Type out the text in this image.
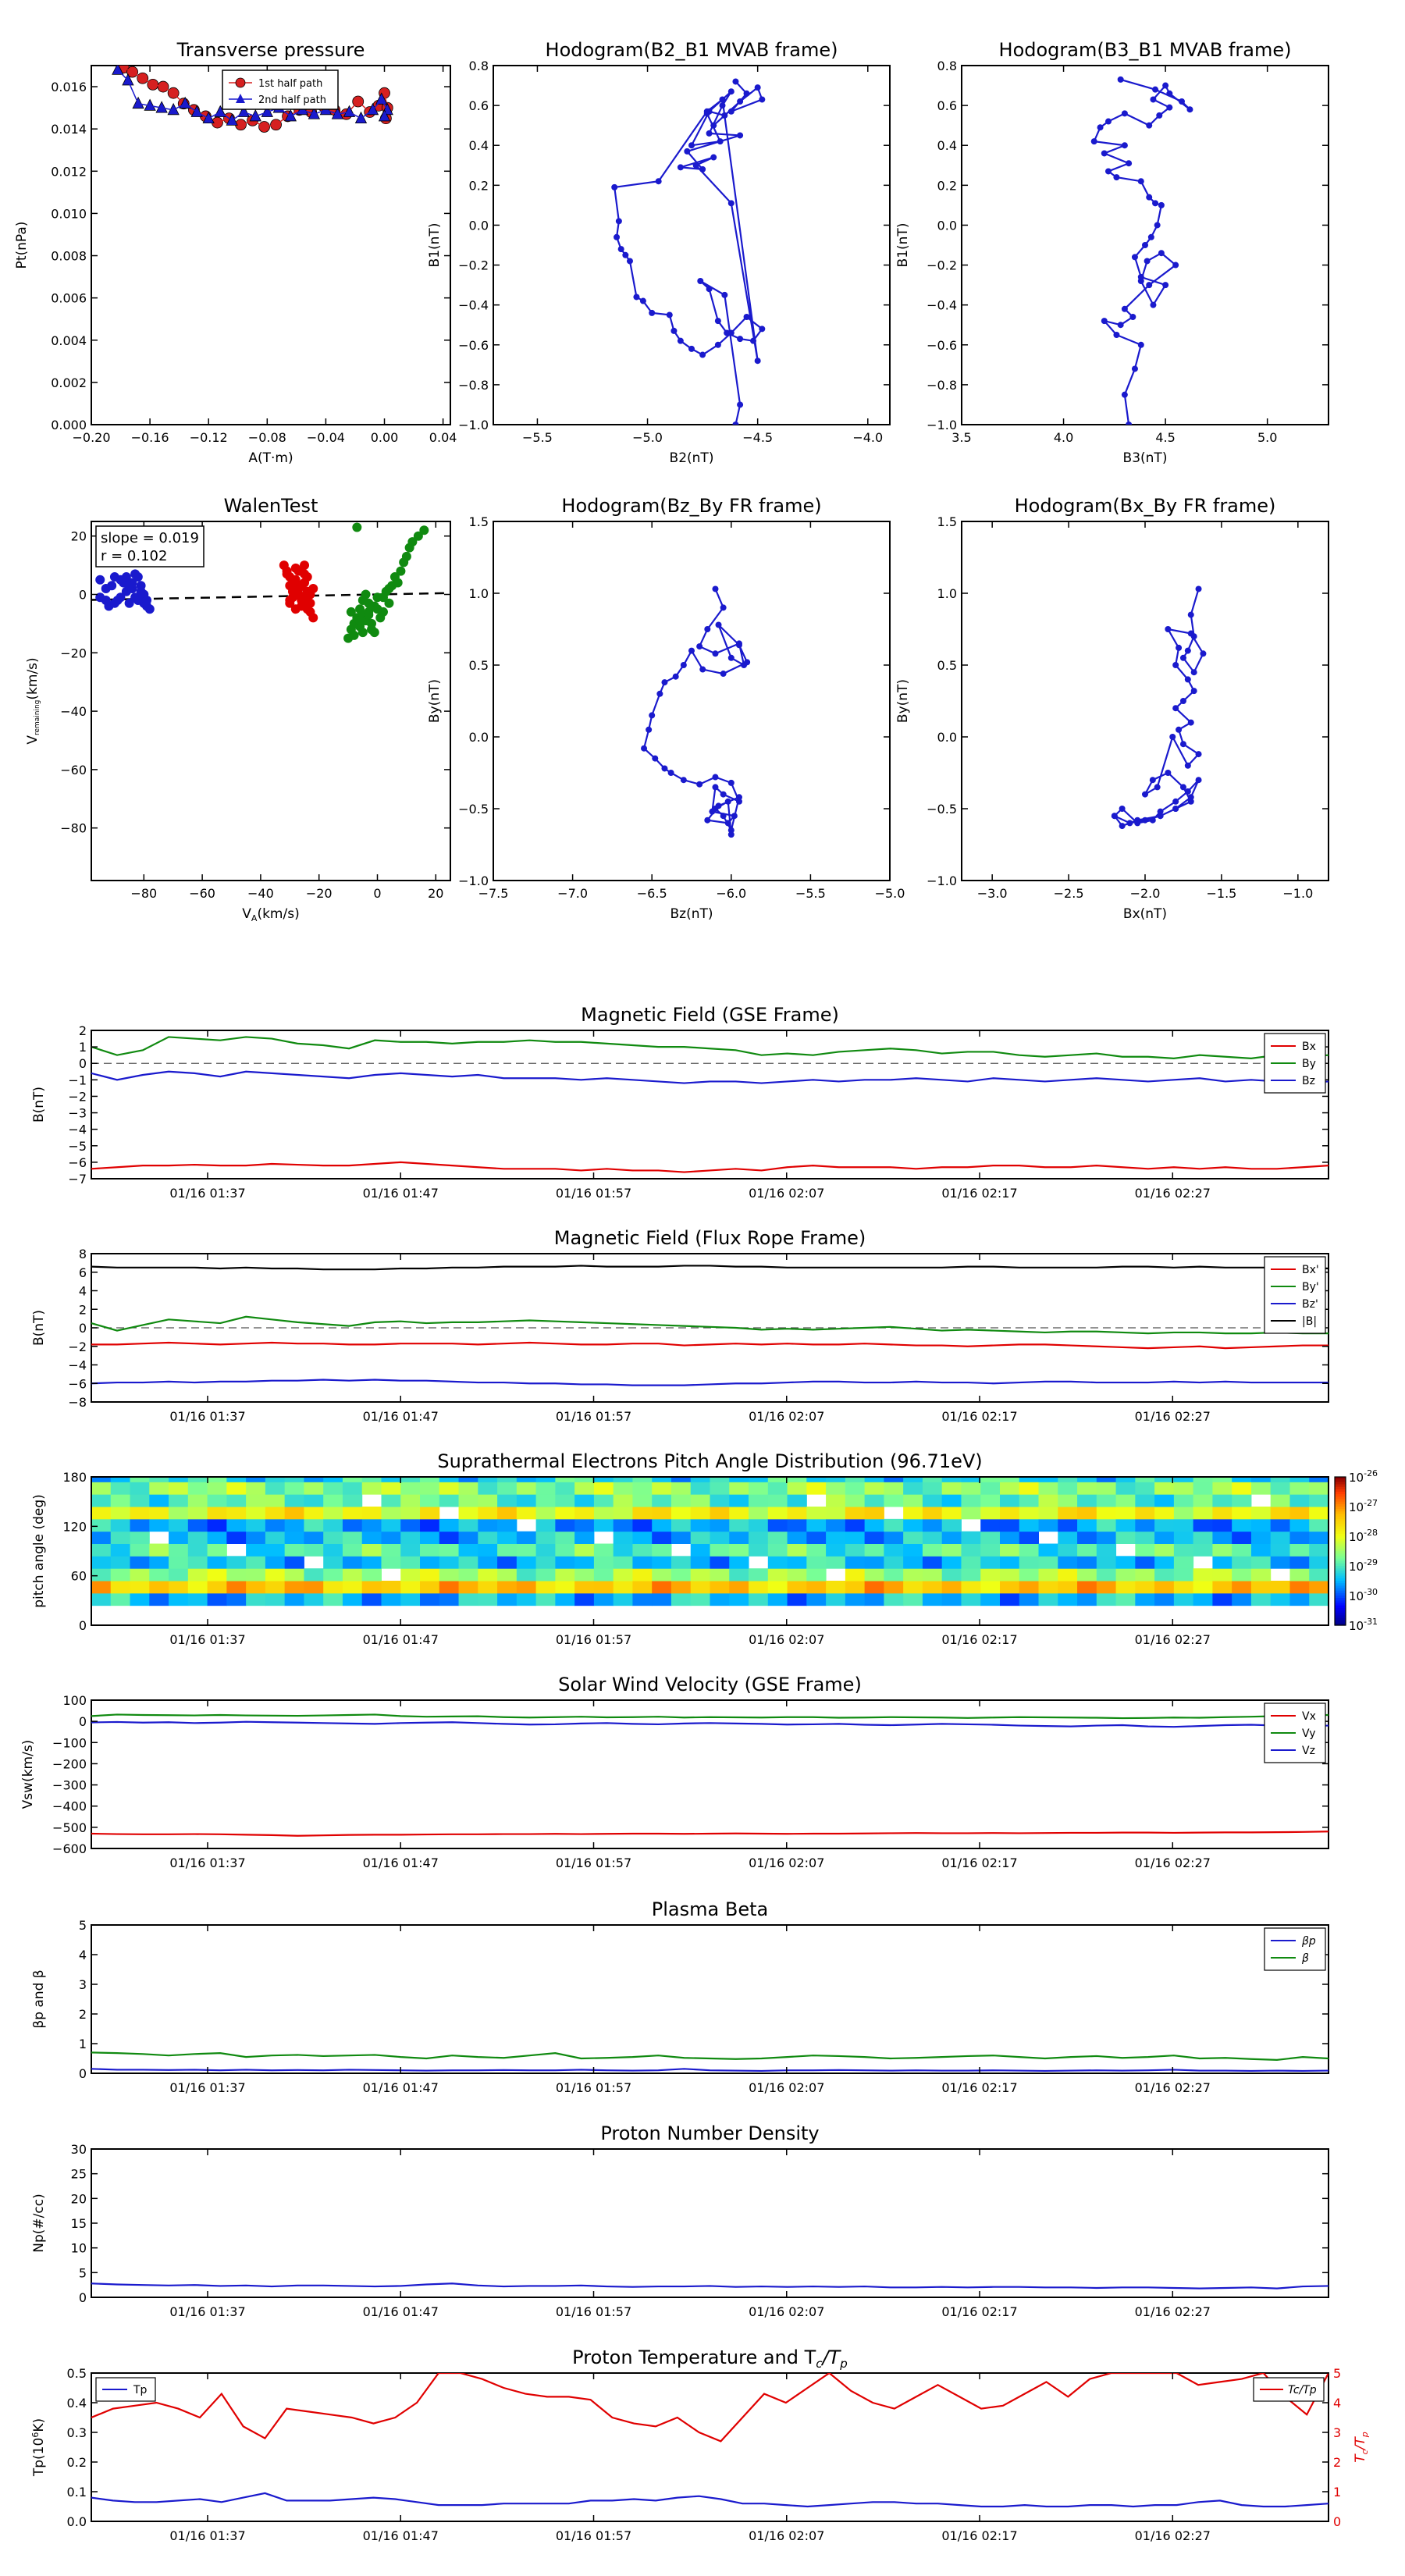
Transverse pressure
0.000
0.002
0.004
0.006
0.008
0.010
0.012
0.014
0.016
−0.20 −0.16 −0.12 −0.08 −0.04 0.00 0.04
A(T·m)
Pt(nPa)
1st half path
2nd half path
Hodogram(B2_B1 MVAB frame)
−1.0
−0.8
−0.6
−0.4
−0.2
0.0
0.2
0.4
0.6
0.8
−5.5	−5.0	−4.5	−4.0
B2(nT)
B1(nT)
Hodogram(B3_B1 MVAB frame)
−1.0
−0.8
−0.6
−0.4
−0.2
0.0
0.2
0.4
0.6
0.8
3.5	4.0	4.5	5.0
B3(nT)
B1(nT)
WalenTest
−80
−60
−40
−20
0
20
−80	−60	−40	−20	0	20
$V_A(km/s)$
Vremaining(km/s)
slope = 0.019
r = 0.102
Hodogram(Bz_By FR frame)
−1.0
−0.5
0.0
0.5
1.0
1.5
−7.5	−7.0	−6.5	−6.0	−5.5	−5.0
Bz(nT)
By(nT)
Hodogram(Bx_By FR frame)
−1.0
−0.5
0.0
0.5
1.0
1.5
−3.0	−2.5	−2.0	−1.5	−1.0
Bx(nT)
By(nT)
Magnetic Field (GSE Frame)
−7
−6
−5
−4
−3
−2
−1
0
1
2
01/16 01:37	01/16 01:47	01/16 01:57	01/16 02:07	01/16 02:17	01/16 02:27
B(nT)
Bx
By
Bz
Magnetic Field (Flux Rope Frame)
−8
−6
−4
−2
0
2
4
6
8
01/16 01:37	01/16 01:47	01/16 01:57	01/16 02:07	01/16 02:17	01/16 02:27
B(nT)
Bx'
By'
Bz'
|B|
Suprathermal Electrons Pitch Angle Distribution (96.71eV)
0
60
120
180
01/16 01:37	01/16 01:47	01/16 01:57	01/16 02:07	01/16 02:17	01/16 02:27
pitch angle (deg)
$10^{-26}$
$10^{-27}$
$10^{-28}$
$10^{-29}$
$10^{-30}$
$10^{-31}$
Solar Wind Velocity (GSE Frame)
−600
−500
−400
−300
−200
−100
0
100
01/16 01:37	01/16 01:47	01/16 01:57	01/16 02:07	01/16 02:17	01/16 02:27
Vsw(km/s)
Vx
Vy
Vz
Plasma Beta
0
1
2
3
4
5
01/16 01:37	01/16 01:47	01/16 01:57	01/16 02:07	01/16 02:17	01/16 02:27
βp and β
βp
β
Proton Number Density
0
5
10
15
20
25
30
01/16 01:37	01/16 01:47	01/16 01:57	01/16 02:07	01/16 02:17	01/16 02:27
Np(#/cc)
Proton Temperature and $T_c/T_p$
0.0
0.1
0.2
0.3
0.4
0.5
01/16 01:37	01/16 01:47	01/16 01:57	01/16 02:07	01/16 02:17	01/16 02:27
$Tp(10^6K)$
0
1
2
3
4
5
$T_c/T_p$
Tp	Tc/Tp
